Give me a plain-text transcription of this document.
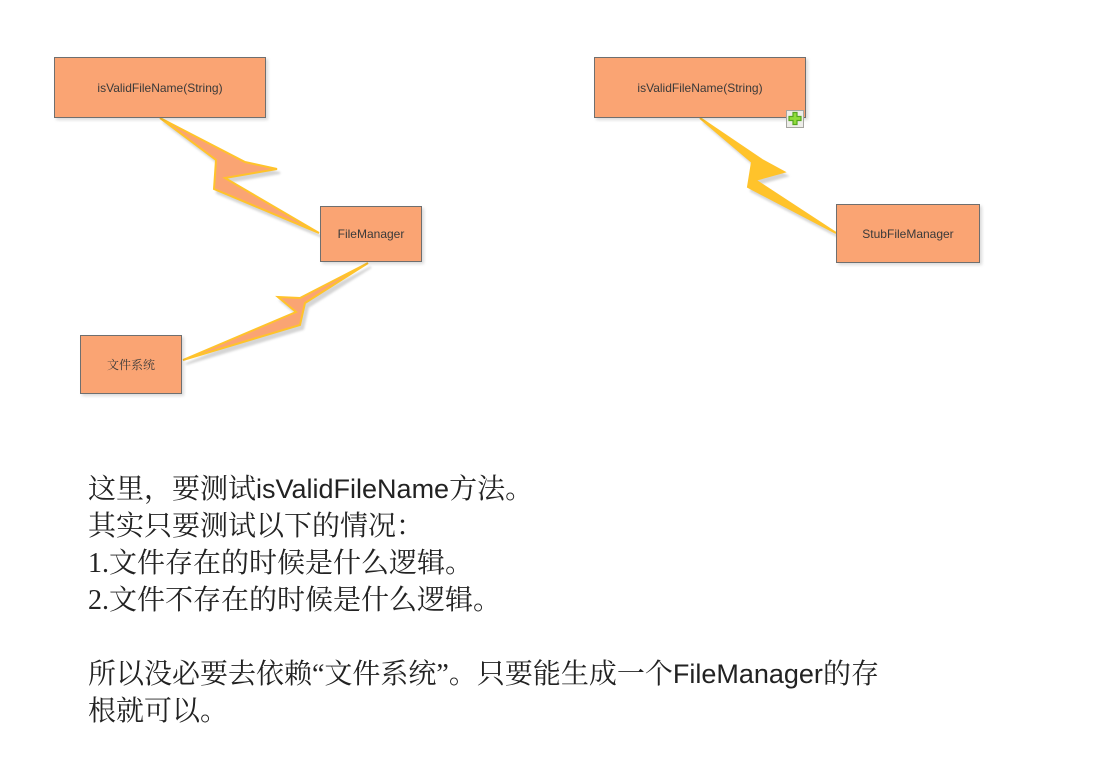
isValidFileName(String)
FileManager
文件系统
isValidFileName(String)
StubFileManager
这里，要测试isValidFileName方法。
其实只要测试以下的情况：
1.文件存在的时候是什么逻辑。
2.文件不存在的时候是什么逻辑。
所以没必要去依赖“文件系统”。只要能生成一个FileManager的存
根就可以。
